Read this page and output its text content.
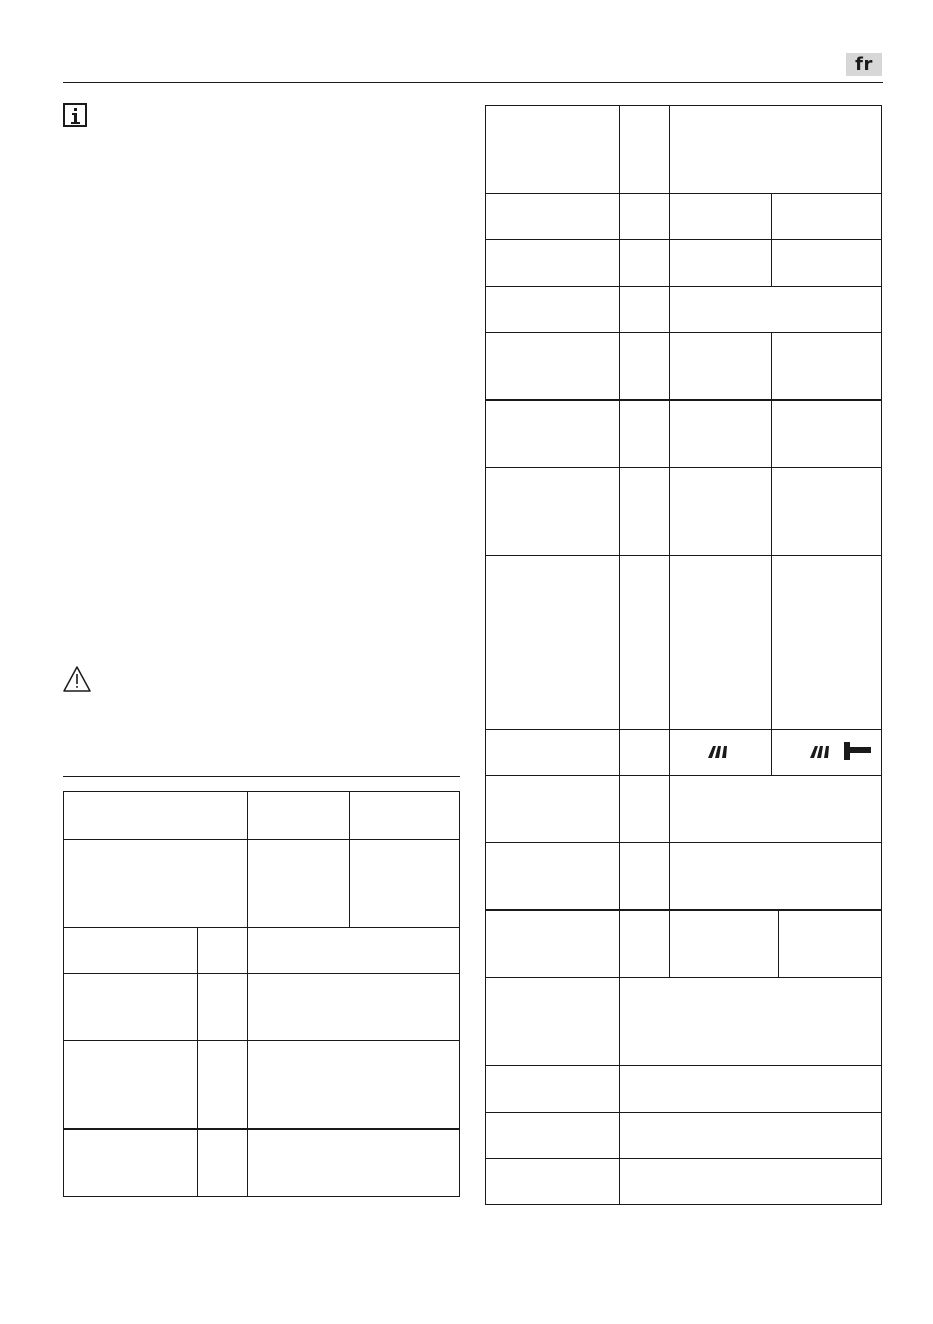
fr
